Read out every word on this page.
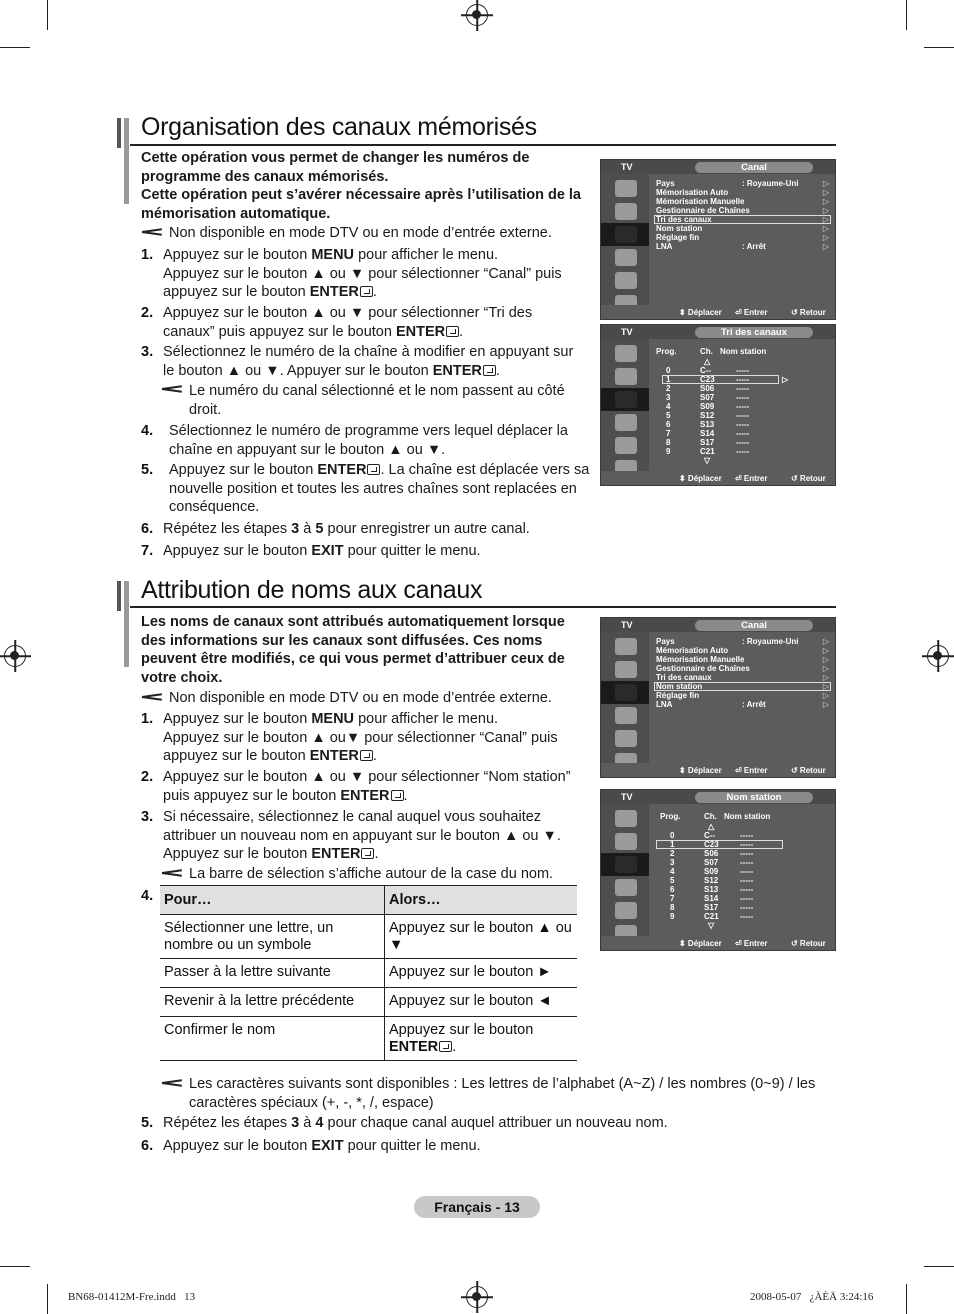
Organisation des canaux mémorisés
Cette opération vous permet de changer les numéros de programme des canaux mémorisés.
Cette opération peut s’avérer nécessaire après l’utilisation de la mémorisation automatique.
Non disponible en mode DTV ou en mode d’entrée externe.
1. Appuyez sur le bouton MENU pour afficher le menu.
Appuyez sur le bouton ▲ ou ▼ pour sélectionner “Canal” puis appuyez sur le bouton ENTER .
2. Appuyez sur le bouton ▲ ou ▼ pour sélectionner “Tri des canaux” puis appuyez sur le bouton ENTER .
3. Sélectionnez le numéro de la chaîne à modifier en appuyant sur le bouton ▲ ou ▼. Appuyer sur le bouton ENTER .
Le numéro du canal sélectionné et le nom passent au côté droit.
4. Sélectionnez le numéro de programme vers lequel déplacer la chaîne en appuyant sur le bouton ▲ ou ▼.
5. Appuyez sur le bouton ENTER . La chaîne est déplacée vers sa nouvelle position et toutes les autres chaînes sont replacées en conséquence.
6. Répétez les étapes 3 à 5 pour enregistrer un autre canal.
7. Appuyez sur le bouton EXIT pour quitter le menu.
Attribution de noms aux canaux
Les noms de canaux sont attribués automatiquement lorsque des informations sur les canaux sont diffusées. Ces noms peuvent être modifiés, ce qui vous permet d’attribuer ceux de votre choix.
Non disponible en mode DTV ou en mode d’entrée externe.
1. Appuyez sur le bouton MENU pour afficher le menu.
Appuyez sur le bouton ▲ ou▼ pour sélectionner “Canal” puis appuyez sur le bouton ENTER .
2. Appuyez sur le bouton ▲ ou ▼ pour sélectionner “Nom station” puis appuyez sur le bouton ENTER .
3. Si nécessaire, sélectionnez le canal auquel vous souhaitez attribuer un nouveau nom en appuyant sur le bouton ▲ ou ▼. Appuyez sur le bouton ENTER .
La barre de sélection s’affiche autour de la case du nom.
4. Pour…	Alors…
Sélectionner une lettre, un nombre ou un symbole	Appuyez sur le bouton ▲ ou ▼
Passer à la lettre suivante	Appuyez sur le bouton ►
Revenir à la lettre précédente	Appuyez sur le bouton ◄
Confirmer le nom	Appuyez sur le bouton
ENTER .
Les caractères suivants sont disponibles : Les lettres de l’alphabet (A~Z) / les nombres (0~9) / les caractères spéciaux (+, -, *, /, espace)
5. Répétez les étapes 3 à 4 pour chaque canal auquel attribuer un nouveau nom.
6. Appuyez sur le bouton EXIT pour quitter le menu.
TV	Canal
Pays	▷
Mémorisation Auto	▷
Mémorisation Manuelle	▷
Gestionnaire de Chaînes	▷
Tri des canaux	▷
Nom station	▷
Réglage fin	▷
LNA	▷
: Royaume-Uni
: Arrêt
⬍ Déplacer ⏎ Entrer	↺ Retour
TV	Tri des canaux
Prog.	Ch. Nom station
△
0	C--	-----
1	C23	-----
2	S06	-----
3	S07	-----
4	S09	-----
5	S12	-----
6	S13	-----
7	S14	-----
8	S17	-----
9	C21	-----
▷
▽
⬍ Déplacer ⏎ Entrer	↺ Retour
TV	Canal
Pays	▷
Mémorisation Auto	▷
Mémorisation Manuelle	▷
Gestionnaire de Chaînes	▷
Tri des canaux	▷
Nom station	▷
Réglage fin	▷
LNA	▷
: Royaume-Uni
: Arrêt
⬍ Déplacer ⏎ Entrer	↺ Retour
TV	Nom station
Prog.	Ch. Nom station
△
0	C--	-----
1	C23	-----
2	S06	-----
3	S07	-----
4	S09	-----
5	S12	-----
6	S13	-----
7	S14	-----
8	S17	-----
9	C21	-----
▽
⬍ Déplacer ⏎ Entrer	↺ Retour
Français - 13
BN68-01412M-Fre.indd   13	2008-05-07   ¿ÀÈÄ 3:24:16
